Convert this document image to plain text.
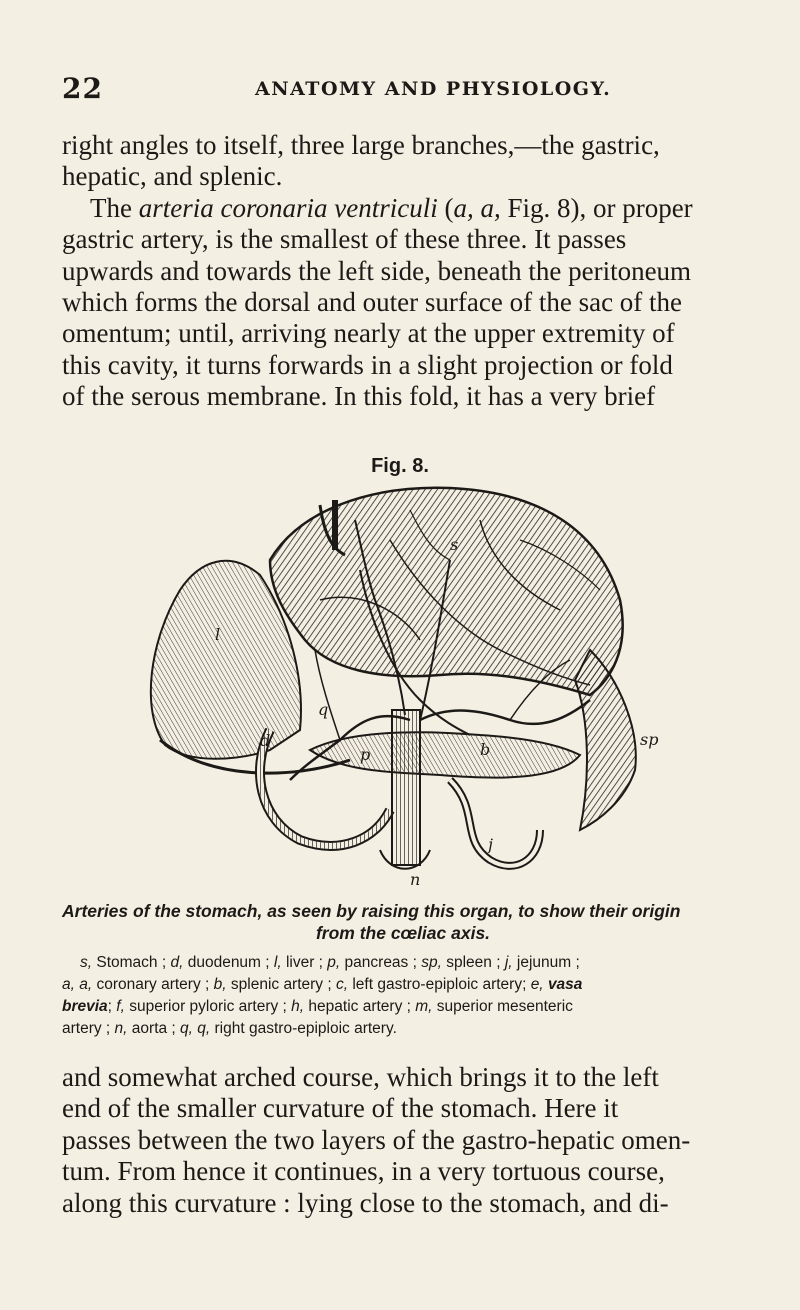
22	ANATOMY AND PHYSIOLOGY.
right angles to itself, three large branches,—the gastric,
hepatic, and splenic.
The arteria coronaria ventriculi (a, a, Fig. 8), or proper
gastric artery, is the smallest of these three. It passes
upwards and towards the left side, beneath the peritoneum
which forms the dorsal and outer surface of the sac of the
omentum; until, arriving nearly at the upper extremity of
this cavity, it turns forwards in a slight projection or fold
of the serous membrane. In this fold, it has a very brief
Fig. 8.
s
l
q
d
p	b
sp
j
n
Arteries of the stomach, as seen by raising this organ, to show their origin
from the cœliac axis.
s, Stomach ; d, duodenum ; l, liver ; p, pancreas ; sp, spleen ; j, jejunum ;
a, a, coronary artery ; b, splenic artery ; c, left gastro-epiploic artery; e, vasa
brevia; f, superior pyloric artery ; h, hepatic artery ; m, superior mesenteric
artery ; n, aorta ; q, q, right gastro-epiploic artery.
and somewhat arched course, which brings it to the left
end of the smaller curvature of the stomach. Here it
passes between the two layers of the gastro-hepatic omen-
tum. From hence it continues, in a very tortuous course,
along this curvature : lying close to the stomach, and di-
